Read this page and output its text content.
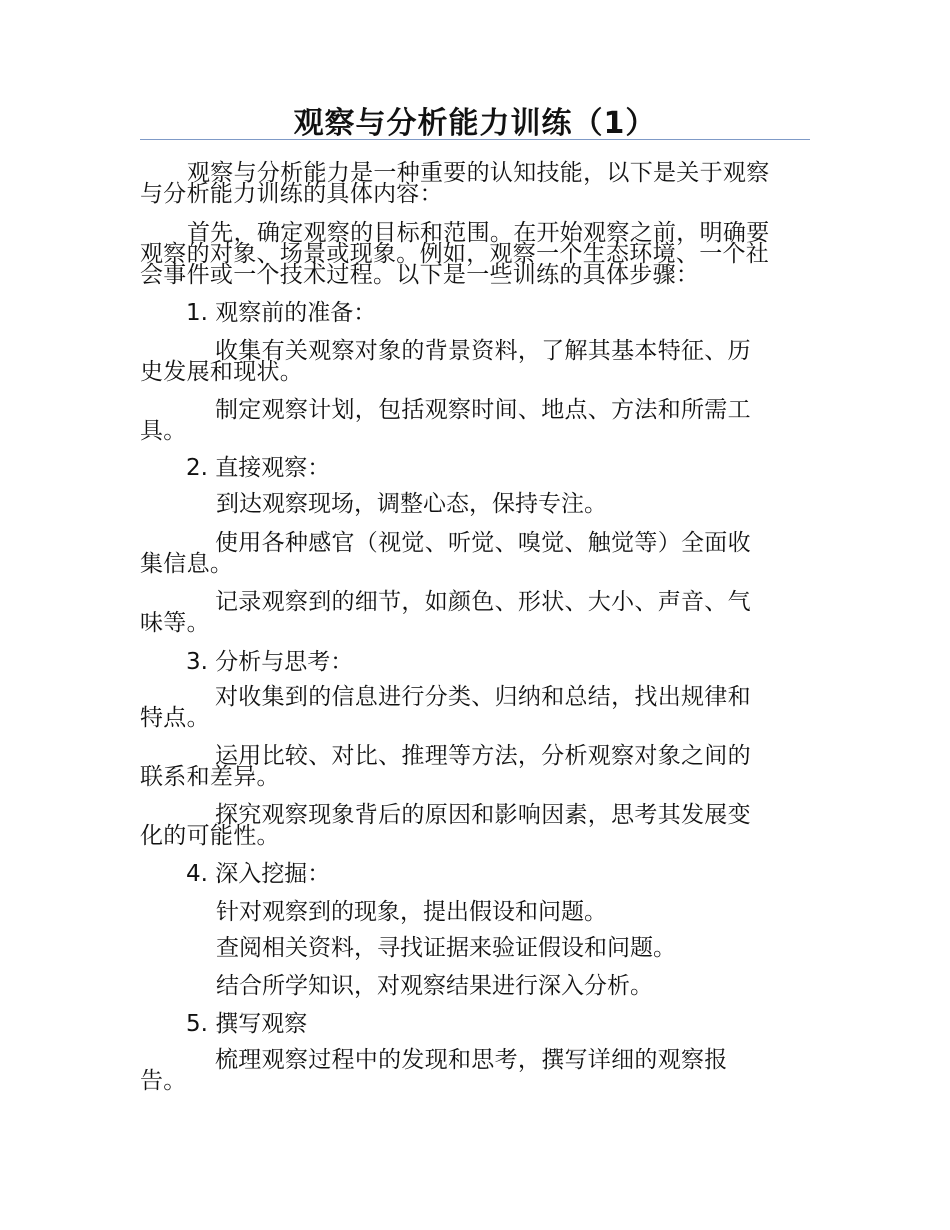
观察与分析能力训练（1）

观察与分析能力是一种重要的认知技能，以下是关于观察
与分析能力训练的具体内容：

首先，确定观察的目标和范围。在开始观察之前，明确要
观察的对象、场景或现象。例如，观察一个生态环境、一个社
会事件或一个技术过程。以下是一些训练的具体步骤：

1. 观察前的准备：

收集有关观察对象的背景资料，了解其基本特征、历
史发展和现状。

制定观察计划，包括观察时间、地点、方法和所需工
具。

2. 直接观察：

到达观察现场，调整心态，保持专注。

使用各种感官（视觉、听觉、嗅觉、触觉等）全面收
集信息。

记录观察到的细节，如颜色、形状、大小、声音、气
味等。

3. 分析与思考：

对收集到的信息进行分类、归纳和总结，找出规律和
特点。

运用比较、对比、推理等方法，分析观察对象之间的
联系和差异。

探究观察现象背后的原因和影响因素，思考其发展变
化的可能性。

4. 深入挖掘：

针对观察到的现象，提出假设和问题。

查阅相关资料，寻找证据来验证假设和问题。

结合所学知识，对观察结果进行深入分析。

5. 撰写观察

梳理观察过程中的发现和思考，撰写详细的观察报
告。
